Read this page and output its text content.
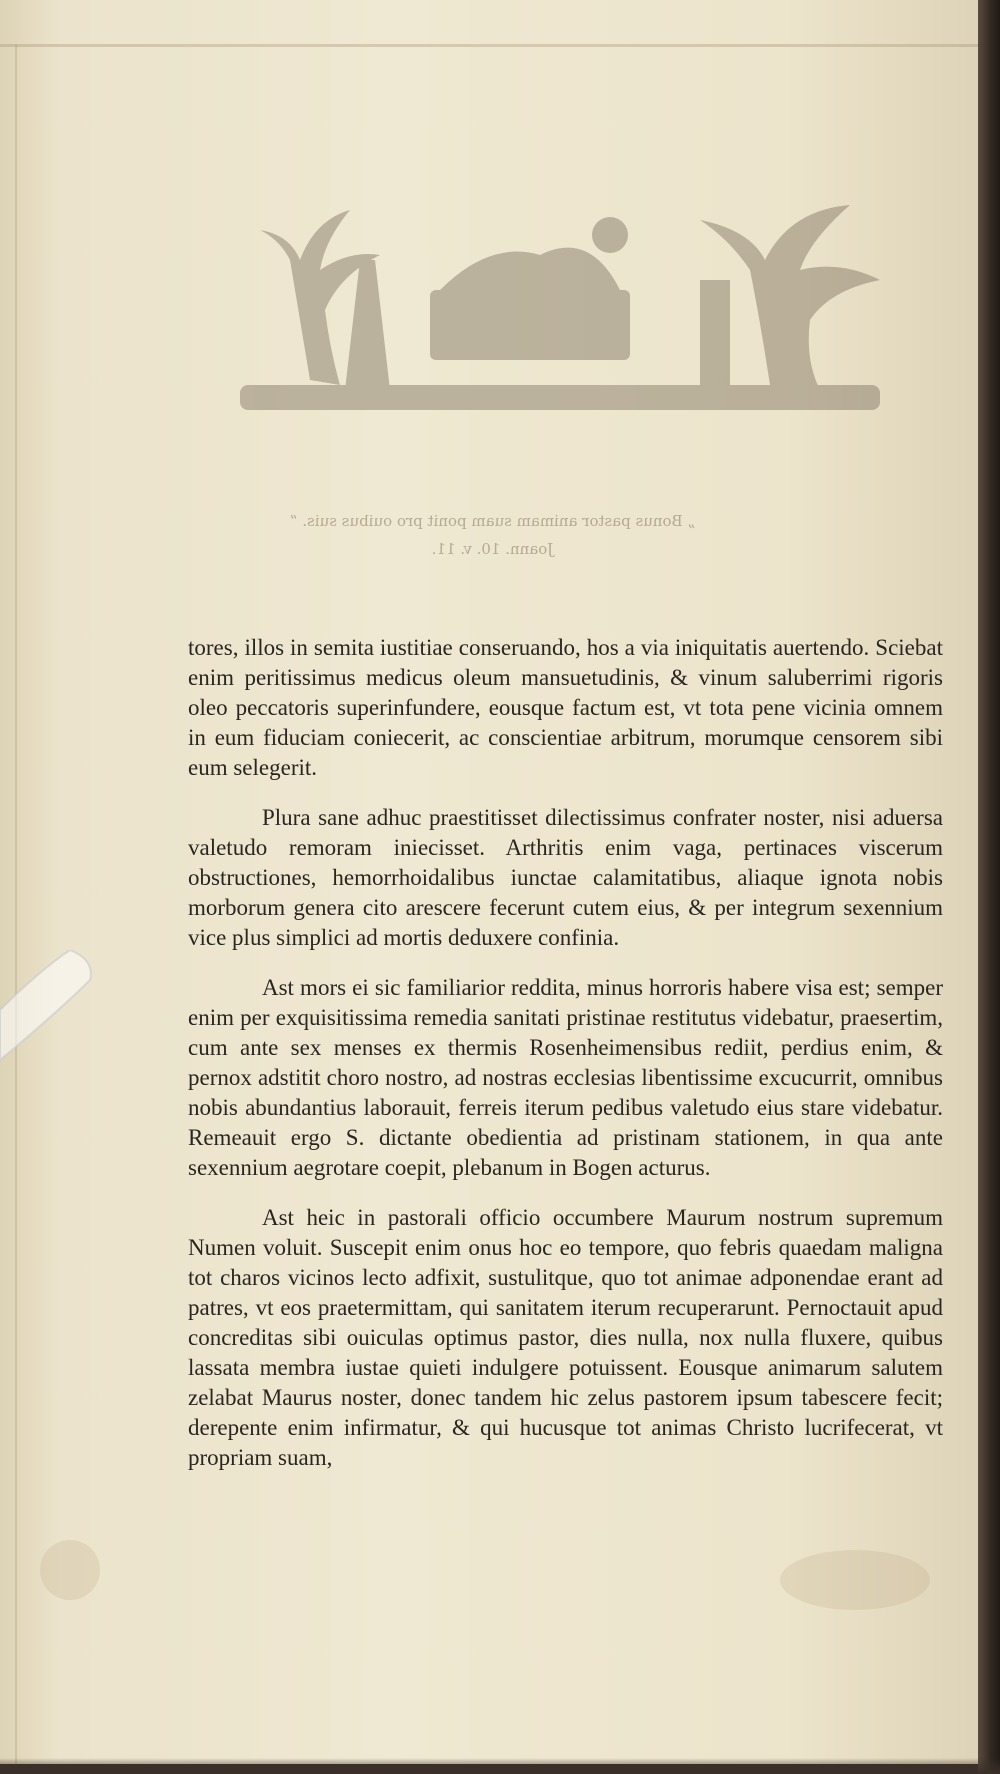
„ Bonus pastor animam suam ponit pro ouibus suis. “

Joann. 10. v. 11.

tores, illos in semita iustitiae conseruando, hos a via iniquitatis auertendo. Sciebat enim peritissimus medicus oleum mansuetudinis, & vinum saluberrimi rigoris oleo peccatoris superinfundere, eousque factum est, vt tota pene vicinia omnem in eum fiduciam coniecerit, ac conscientiae arbitrum, morumque censorem sibi eum selegerit.

Plura sane adhuc praestitisset dilectissimus confrater noster, nisi aduersa valetudo remoram iniecisset. Arthritis enim vaga, pertinaces viscerum obstructiones, hemorrhoidalibus iunctae calamitatibus, aliaque ignota nobis morborum genera cito arescere fecerunt cutem eius, & per integrum sexennium vice plus simplici ad mortis deduxere confinia.

Ast mors ei sic familiarior reddita, minus horroris habere visa est; semper enim per exquisitissima remedia sanitati pristinae restitutus videbatur, praesertim, cum ante sex menses ex thermis Rosenheimensibus rediit, perdius enim, & pernox adstitit choro nostro, ad nostras ecclesias libentissime excucurrit, omnibus nobis abundantius laborauit, ferreis iterum pedibus valetudo eius stare videbatur. Remeauit ergo S. dictante obedientia ad pristinam stationem, in qua ante sexennium aegrotare coepit, plebanum in Bogen acturus.

Ast heic in pastorali officio occumbere Maurum nostrum supremum Numen voluit. Suscepit enim onus hoc eo tempore, quo febris quaedam maligna tot charos vicinos lecto adfixit, sustulitque, quo tot animae adponendae erant ad patres, vt eos praetermittam, qui sanitatem iterum recuperarunt. Pernoctauit apud concreditas sibi ouiculas optimus pastor, dies nulla, nox nulla fluxere, quibus lassata membra iustae quieti indulgere potuissent. Eousque animarum salutem zelabat Maurus noster, donec tandem hic zelus pastorem ipsum tabescere fecit; derepente enim infirmatur, & qui hucusque tot animas Christo lucrifecerat, vt propriam suam,
